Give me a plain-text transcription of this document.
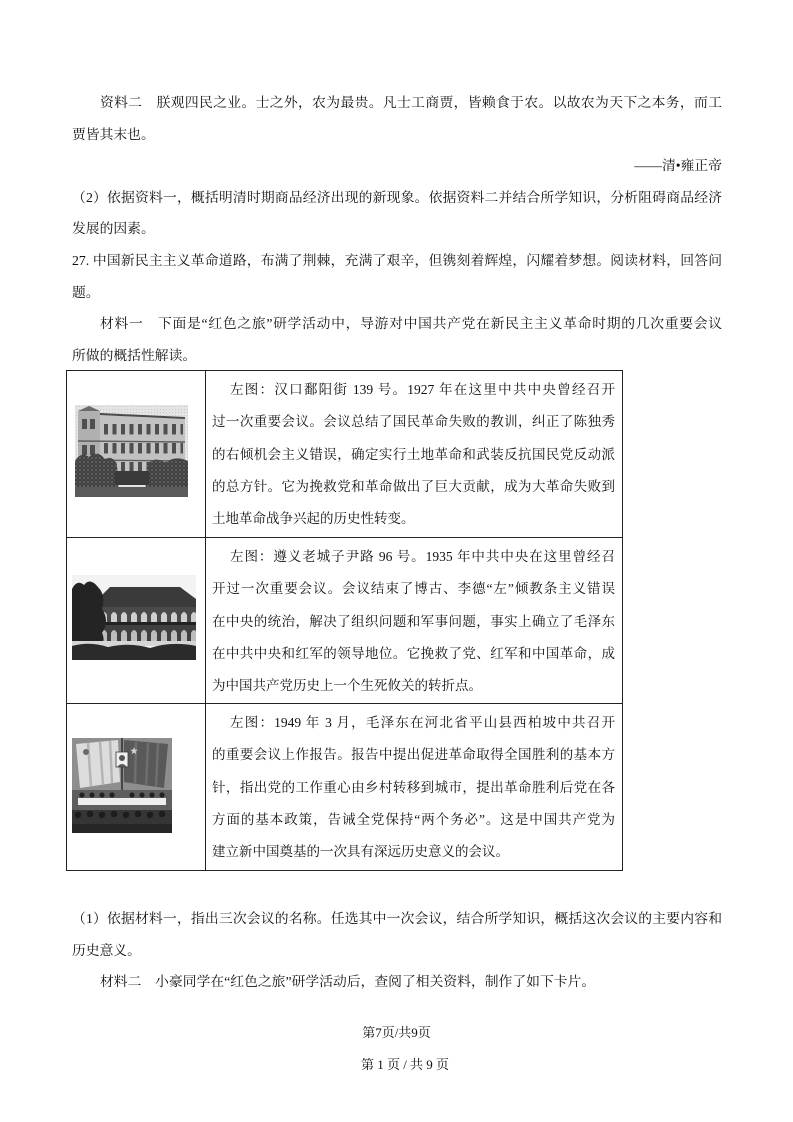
资料二　朕观四民之业。士之外，农为最贵。凡士工商贾，皆赖食于农。以故农为天下之本务，而工
贾皆其末也。
——清•雍正帝
（2）依据资料一，概括明清时期商品经济出现的新现象。依据资料二并结合所学知识，分析阻碍商品经济
发展的因素。
27. 中国新民主主义革命道路，布满了荆棘，充满了艰辛，但镌刻着辉煌，闪耀着梦想。阅读材料，回答问
题。
材料一　下面是“红色之旅”研学活动中，导游对中国共产党在新民主主义革命时期的几次重要会议
所做的概括性解读。
左图：汉口鄱阳街 139 号。1927 年在这里中共中央曾经召开
过一次重要会议。会议总结了国民革命失败的教训，纠正了陈独秀
的右倾机会主义错误，确定实行土地革命和武装反抗国民党反动派
的总方针。它为挽救党和革命做出了巨大贡献，成为大革命失败到
土地革命战争兴起的历史性转变。
左图：遵义老城子尹路 96 号。1935 年中共中央在这里曾经召
开过一次重要会议。会议结束了博古、李德“左”倾教条主义错误
在中央的统治，解决了组织问题和军事问题，事实上确立了毛泽东
在中共中央和红军的领导地位。它挽救了党、红军和中国革命，成
为中国共产党历史上一个生死攸关的转折点。
左图：1949 年 3 月，毛泽东在河北省平山县西柏坡中共召开
的重要会议上作报告。报告中提出促进革命取得全国胜利的基本方
针，指出党的工作重心由乡村转移到城市，提出革命胜利后党在各
方面的基本政策，告诫全党保持“两个务必”。这是中国共产党为
建立新中国奠基的一次具有深远历史意义的会议。
（1）依据材料一，指出三次会议的名称。任选其中一次会议，结合所学知识，概括这次会议的主要内容和
历史意义。
材料二　小豪同学在“红色之旅”研学活动后，查阅了相关资料，制作了如下卡片。
第7页/共9页
第 1 页 / 共 9 页
